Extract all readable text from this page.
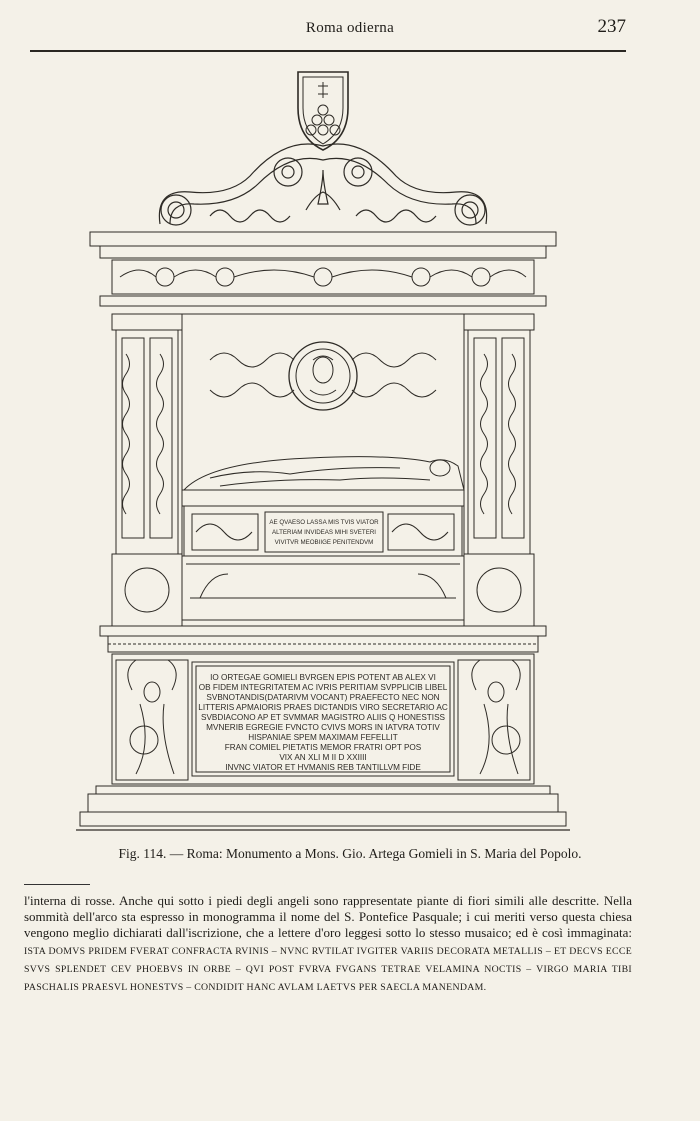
Roma odierna	237
AE QVAESO LASSA MIS TVIS VIATOR
ALTERIAM INVIDEAS MIHI SVETERI
VIVITVR MEOBIIGE PENITENDVM
IO ORTEGAE GOMIELI BVRGEN EPIS POTENT AB ALEX VI
OB FIDEM INTEGRITATEM AC IVRIS PERITIAM SVPPLICIB LIBEL
SVBNOTANDIS(DATARIVM VOCANT) PRAEFECTO NEC NON
LITTERIS APMAIORIS PRAES DICTANDIS VIRO SECRETARIO AC
SVBDIACONO AP ET SVMMAR MAGISTRO ALIIS Q HONESTISS
MVNERIB EGREGIE FVNCTO CVIVS MORS IN IATVRA TOTIV
HISPANIAE SPEM MAXIMAM FEFELLIT
FRAN COMIEL PIETATIS MEMOR FRATRI OPT POS
VIX AN XLI M II D XXIIII
INVNC VIATOR ET HVMANIS REB TANTILLVM FIDE
Fig. 114. — Roma: Monumento a Mons. Gio. Artega Gomieli in S. Maria del Popolo.
l'interna di rosse. Anche qui sotto i piedi degli angeli sono rappresentate piante di fiori simili alle descritte. Nella sommità dell'arco sta espresso in monogramma il nome del S. Pontefice Pasquale; i cui meriti verso questa chiesa vengono meglio dichiarati dall'iscrizione, che a lettere d'oro leggesi sotto lo stesso musaico; ed è così immaginata: ISTA DOMVS PRIDEM FVERAT CONFRACTA RVINIS – NVNC RVTILAT IVGITER VARIIS DECORATA METALLIS – ET DECVS ECCE SVVS SPLENDET CEV PHOEBVS IN ORBE – QVI POST FVRVA FVGANS TETRAE VELAMINA NOCTIS – VIRGO MARIA TIBI PASCHALIS PRAESVL HONESTVS – CONDIDIT HANC AVLAM LAETVS PER SAECLA MANENDAM.
